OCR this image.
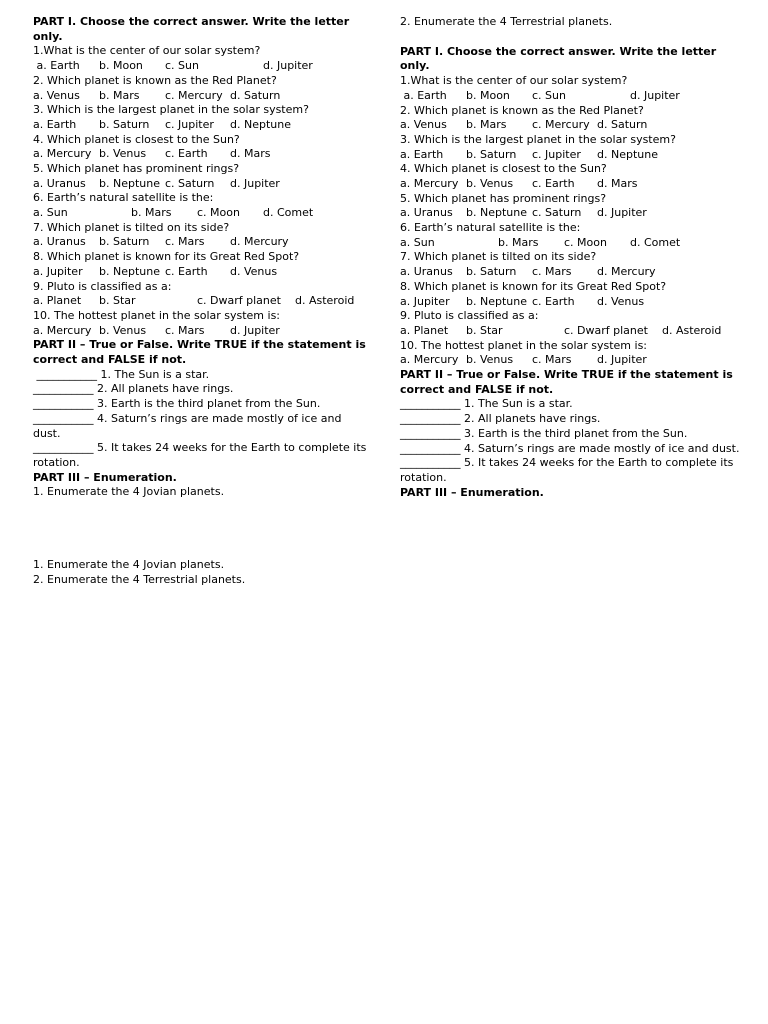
PART I. Choose the correct answer. Write the letter only.
1.What is the center of our solar system?
a. Earth b. Moon c. Sun	d. Jupiter
2. Which planet is known as the Red Planet?
a. Venus b. Mars c. Mercury d. Saturn
3. Which is the largest planet in the solar system?
a. Earth b. Saturn c. Jupiter d. Neptune
4. Which planet is closest to the Sun?
a. Mercury b. Venus c. Earth d. Mars
5. Which planet has prominent rings?
a. Uranus b. Neptune c. Saturn d. Jupiter
6. Earth’s natural satellite is the:
a. Sun	b. Mars c. Moon d. Comet
7. Which planet is tilted on its side?
a. Uranus b. Saturn c. Mars d. Mercury
8. Which planet is known for its Great Red Spot?
a. Jupiter b. Neptune c. Earth d. Venus
9. Pluto is classified as a:
a. Planet b. Star	c. Dwarf planet d. Asteroid
10. The hottest planet in the solar system is:
a. Mercury b. Venus c. Mars d. Jupiter
PART II – True or False. Write TRUE if the statement is correct and FALSE if not.
___________ 1. The Sun is a star.
___________ 2. All planets have rings.
___________ 3. Earth is the third planet from the Sun.
___________ 4. Saturn’s rings are made mostly of ice and dust.
___________ 5. It takes 24 weeks for the Earth to complete its rotation.
PART III – Enumeration.
1. Enumerate the 4 Jovian planets.
1. Enumerate the 4 Jovian planets.
2. Enumerate the 4 Terrestrial planets.
2. Enumerate the 4 Terrestrial planets.
PART I. Choose the correct answer. Write the letter only.
1.What is the center of our solar system?
a. Earth b. Moon c. Sun	d. Jupiter
2. Which planet is known as the Red Planet?
a. Venus b. Mars c. Mercury d. Saturn
3. Which is the largest planet in the solar system?
a. Earth b. Saturn c. Jupiter d. Neptune
4. Which planet is closest to the Sun?
a. Mercury b. Venus c. Earth d. Mars
5. Which planet has prominent rings?
a. Uranus b. Neptune c. Saturn d. Jupiter
6. Earth’s natural satellite is the:
a. Sun	b. Mars c. Moon d. Comet
7. Which planet is tilted on its side?
a. Uranus b. Saturn c. Mars d. Mercury
8. Which planet is known for its Great Red Spot?
a. Jupiter b. Neptune c. Earth d. Venus
9. Pluto is classified as a:
a. Planet b. Star	c. Dwarf planet d. Asteroid
10. The hottest planet in the solar system is:
a. Mercury b. Venus c. Mars d. Jupiter
PART II – True or False. Write TRUE if the statement is correct and FALSE if not.
___________ 1. The Sun is a star.
___________ 2. All planets have rings.
___________ 3. Earth is the third planet from the Sun.
___________ 4. Saturn’s rings are made mostly of ice and dust.
___________ 5. It takes 24 weeks for the Earth to complete its rotation.
PART III – Enumeration.
